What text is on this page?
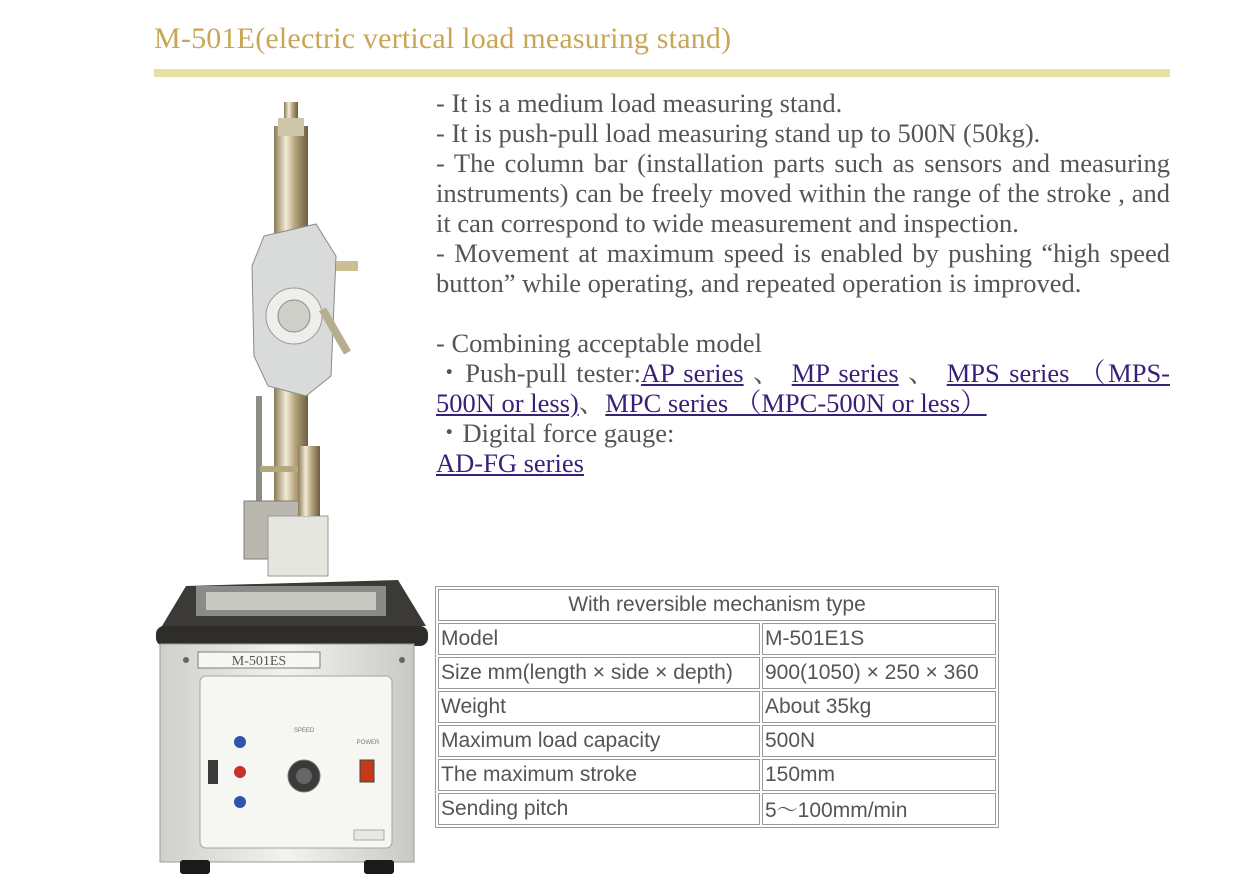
M-501E(electric vertical load measuring stand)
M-501ES
SPEED
POWER

- It is a medium load measuring stand.

- It is push-pull load measuring stand up to 500N (50kg).

- The column bar (installation parts such as sensors and measuring instruments) can be freely moved within the range of the stroke , and it can correspond to wide measurement and inspection.

- Movement at maximum speed is enabled by pushing “high speed button” while operating, and repeated operation is improved.

- Combining acceptable model

・Push-pull tester:AP series 、 MP series 、 MPS series （MPS-500N or less)、MPC series （MPC-500N or less）

・Digital force gauge:

AD-FG series

With reversible mechanism type	
Model	M-501E1S
Size mm(length × side × depth)	900(1050) × 250 × 360
Weight	About 35kg
Maximum load capacity	500N
The maximum stroke	150mm
Sending pitch	5～100mm/min
